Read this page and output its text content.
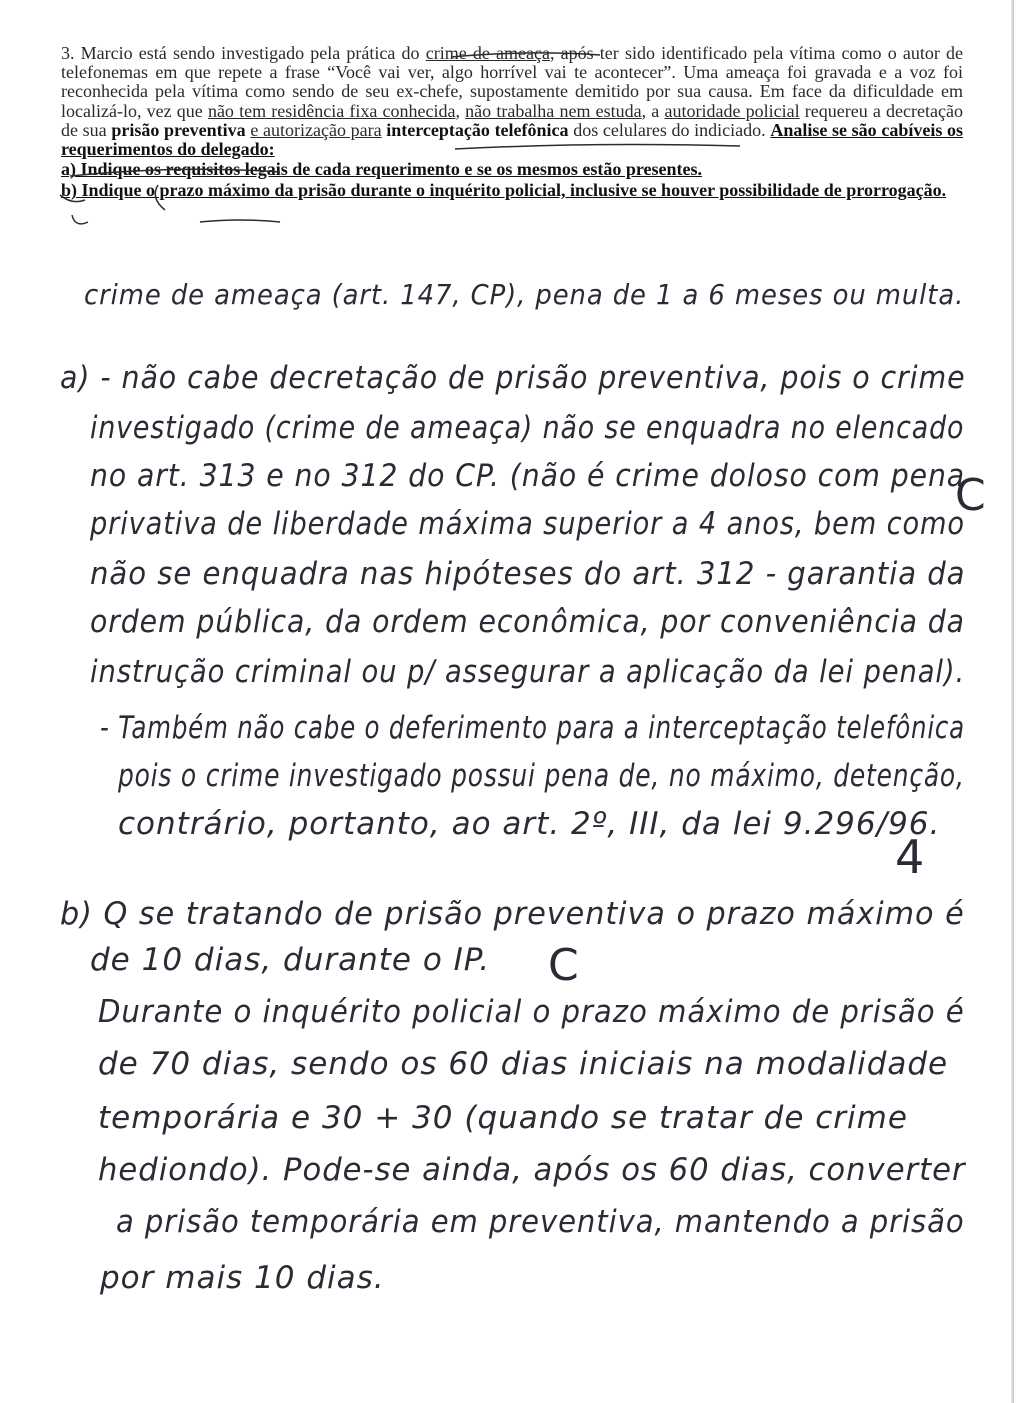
3. Marcio está sendo investigado pela prática do crime de ameaça, após ter sido identificado pela vítima como o autor de telefonemas em que repete a frase “Você vai ver, algo horrível vai te acontecer”. Uma ameaça foi gravada e a voz foi reconhecida pela vítima como sendo de seu ex-chefe, supostamente demitido por sua causa. Em face da dificuldade em localizá-lo, vez que não tem residência fixa conhecida, não trabalha nem estuda, a autoridade policial requereu a decretação de sua prisão preventiva e autorização para interceptação telefônica dos celulares do indiciado. Analise se são cabíveis os requerimentos do delegado:

a) Indique os requisitos legais de cada requerimento e se os mesmos estão presentes.
b) Indique o prazo máximo da prisão durante o inquérito policial, inclusive se houver possibilidade de prorrogação.
crime de ameaça (art. 147, CP), pena de 1 a 6 meses ou multa.
a) - não cabe decretação de prisão preventiva, pois o crime
investigado (crime de ameaça) não se enquadra no elencado
no art. 313 e no 312 do CP. (não é crime doloso com pena
privativa de liberdade máxima superior a 4 anos, bem como
não se enquadra nas hipóteses do art. 312 - garantia da
ordem pública, da ordem econômica, por conveniência da
instrução criminal ou p/ assegurar a aplicação da lei penal).
- Também não cabe o deferimento para a interceptação telefônica
pois o crime investigado possui pena de, no máximo, detenção,
contrário, portanto, ao art. 2º, III, da lei 9.296/96.
b) Q se tratando de prisão preventiva o prazo máximo é
de 10 dias, durante o IP.
Durante o inquérito policial o prazo máximo de prisão é
de 70 dias, sendo os 60 dias iniciais na modalidade
temporária e 30 + 30 (quando se tratar de crime
hediondo). Pode-se ainda, após os 60 dias, converter
a prisão temporária em preventiva, mantendo a prisão
por mais 10 dias.
C
4
C
